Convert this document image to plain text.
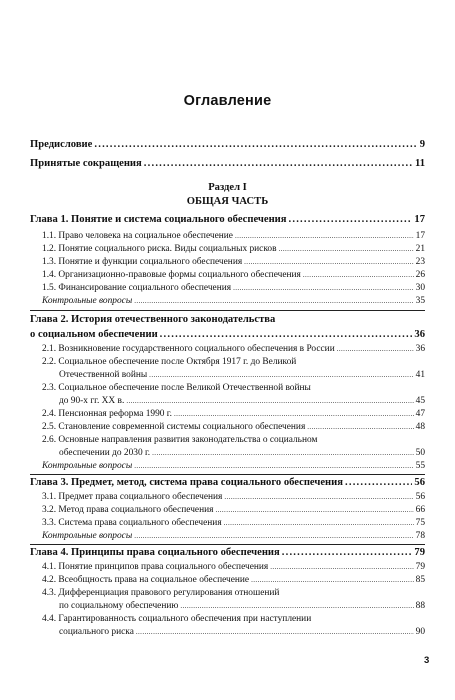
Оглавление
Предисловие .....	9
Принятые сокращения .....	11
Раздел I
ОБЩАЯ ЧАСТЬ
Глава 1. Понятие и система социального обеспечения .....	17
1.1. Право человека на социальное обеспечение .....	17
1.2. Понятие социального риска. Виды социальных рисков .....	21
1.3. Понятие и функции социального обеспечения .....	23
1.4. Организационно-правовые формы социального обеспечения .....	26
1.5. Финансирование социального обеспечения .....	30
Контрольные вопросы .....	35
Глава 2. История отечественного законодательства
о социальном обеспечении .....	36
2.1. Возникновение государственного социального обеспечения в России .....	36
2.2. Социальное обеспечение после Октября 1917 г. до Великой
Отечественной войны .....	41
2.3. Социальное обеспечение после Великой Отечественной войны
до 90-х гг. XX в. .....	45
2.4. Пенсионная реформа 1990 г. .....	47
2.5. Становление современной системы социального обеспечения .....	48
2.6. Основные направления развития законодательства о социальном
обеспечении до 2030 г. .....	50
Контрольные вопросы .....	55
Глава 3. Предмет, метод, система права социального обеспечения .....	56
3.1. Предмет права социального обеспечения .....	56
3.2. Метод права социального обеспечения .....	66
3.3. Система права социального обеспечения .....	75
Контрольные вопросы .....	78
Глава 4. Принципы права социального обеспечения .....	79
4.1. Понятие принципов права социального обеспечения .....	79
4.2. Всеобщность права на социальное обеспечение .....	85
4.3. Дифференциация правового регулирования отношений
по социальному обеспечению .....	88
4.4. Гарантированность социального обеспечения при наступлении
социального риска .....	90
3
